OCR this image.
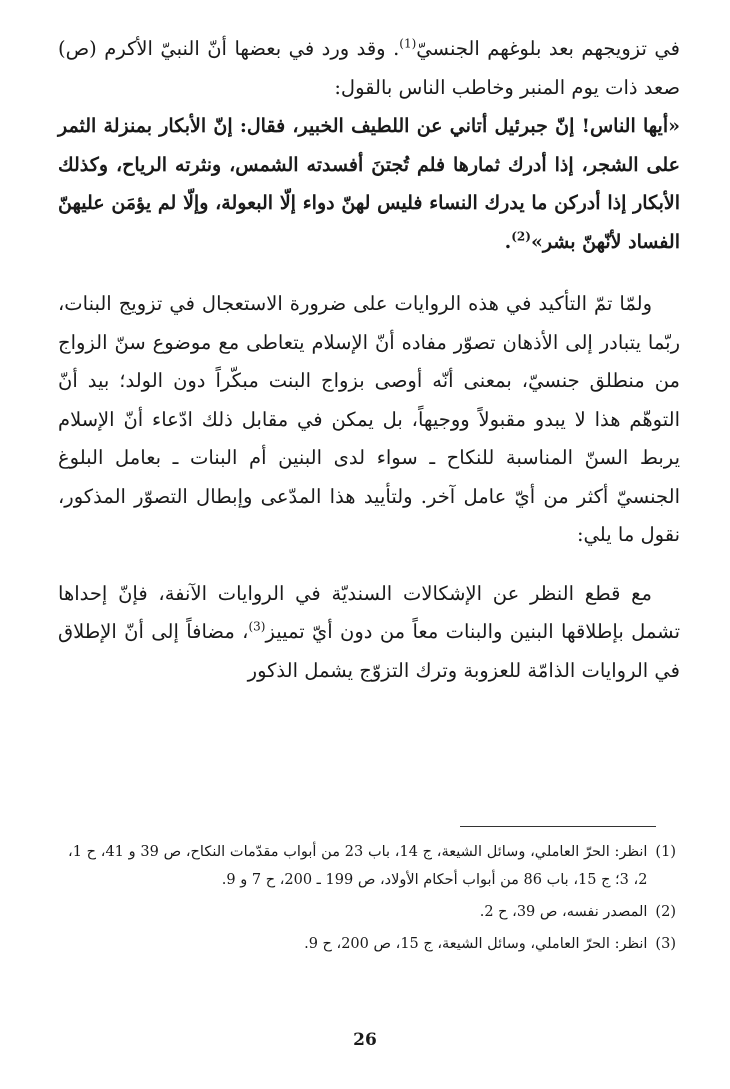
في تزويجهم بعد بلوغهم الجنسيّ$^{(1)}$. وقد ورد في بعضها أنّ النبيّ الأكرم (ص) صعد ذات يوم المنبر وخاطب الناس بالقول:

«أيها الناس! إنّ جبرئيل أتاني عن اللطيف الخبير، فقال: إنّ الأبكار بمنزلة الثمر على الشجر، إذا أدرك ثمارها فلم تُجتنَ أفسدته الشمس، ونثرته الرياح، وكذلك الأبكار إذا أدركن ما يدرك النساء فليس لهنّ دواء إلّا البعولة، وإلّا لم يؤمَن عليهنّ الفساد لأنّهنّ بشر»$^{(2)}$.

ولمّا تمّ التأكيد في هذه الروايات على ضرورة الاستعجال في تزويج البنات، ربّما يتبادر إلى الأذهان تصوّر مفاده أنّ الإسلام يتعاطى مع موضوع سنّ الزواج من منطلق جنسيّ، بمعنى أنّه أوصى بزواج البنت مبكّراً دون الولد؛ بيد أنّ التوهّم هذا لا يبدو مقبولاً ووجيهاً، بل يمكن في مقابل ذلك ادّعاء أنّ الإسلام يربط السنّ المناسبة للنكاح ـ سواء لدى البنين أم البنات ـ بعامل البلوغ الجنسيّ أكثر من أيّ عامل آخر. ولتأييد هذا المدّعى وإبطال التصوّر المذكور، نقول ما يلي:

مع قطع النظر عن الإشكالات السنديّة في الروايات الآنفة، فإنّ إحداها تشمل بإطلاقها البنين والبنات معاً من دون أيّ تمييز$^{(3)}$، مضافاً إلى أنّ الإطلاق في الروايات الذامّة للعزوبة وترك التزوّج يشمل الذكور

(1)
انظر: الحرّ العاملي، وسائل الشيعة، ج 14، باب 23 من أبواب مقدّمات النكاح، ص 39 و 41، ح 1، 2، 3؛ ج 15، باب 86 من أبواب أحكام الأولاد، ص 199 ـ 200، ح 7 و 9.
(2)
المصدر نفسه، ص 39، ح 2.
(3)
انظر: الحرّ العاملي، وسائل الشيعة، ج 15، ص 200، ح 9.
26
